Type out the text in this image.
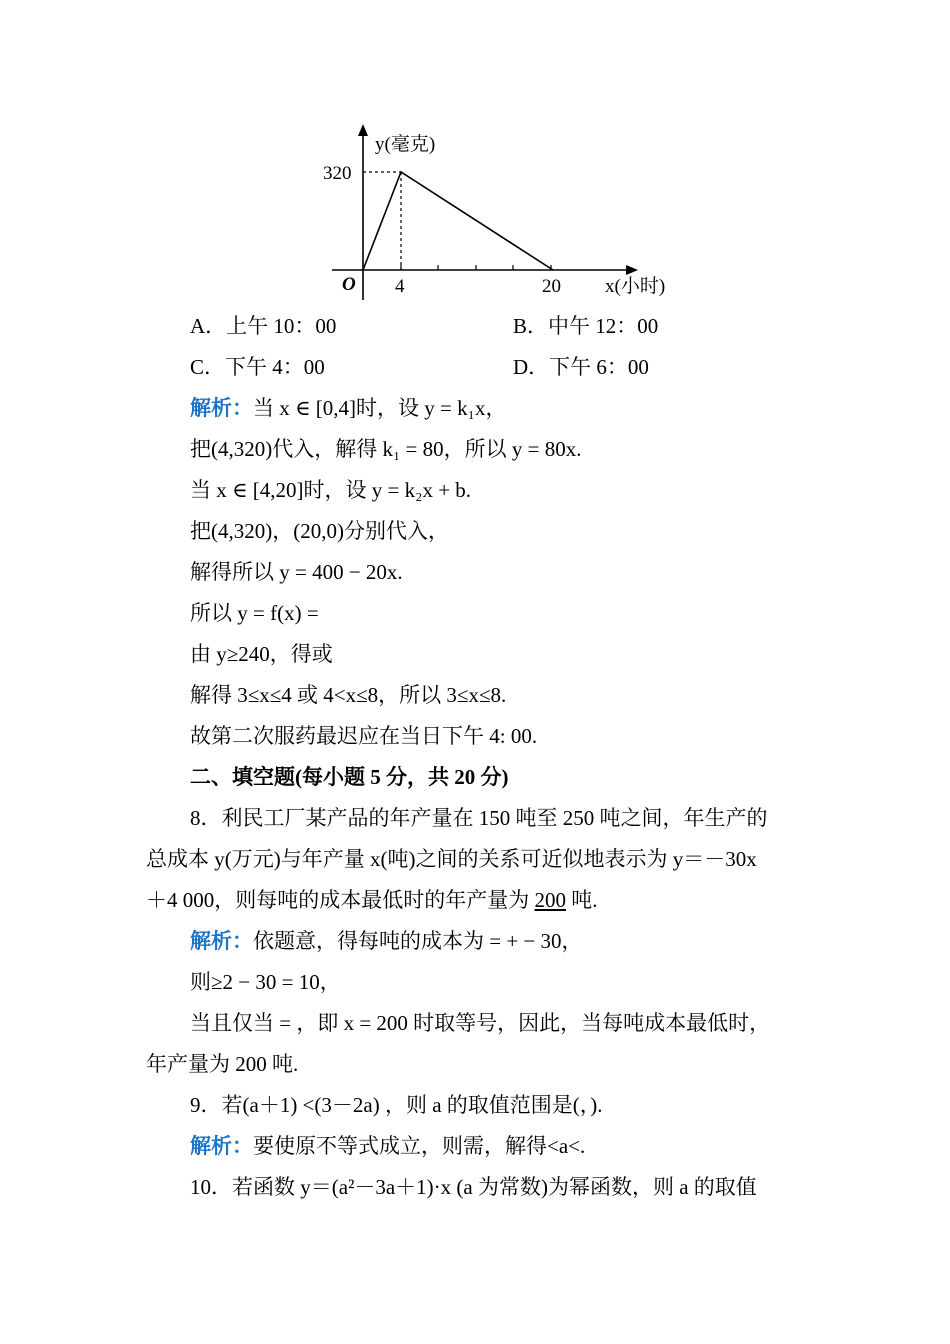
y(毫克)
320
O 4	20 x(小时)
A．上午 10：00	B．中午 12：00
C．下午 4：00	D．下午 6：00
解析：当 x ∈ [0,4]时，设 y = k₁x，
把(4,320)代入，解得 k₁ = 80，所以 y = 80x.
当 x ∈ [4,20]时，设 y = k₂x + b.
把(4,320)，(20,0)分别代入，
解得所以 y = 400 − 20x.
所以 y = f(x) =
由 y≥240，得或
解得 3≤x≤4 或 4<x≤8，所以 3≤x≤8.
故第二次服药最迟应在当日下午 4: 00.
二、填空题(每小题 5 分，共 20 分)
8．利民工厂某产品的年产量在 150 吨至 250 吨之间，年生产的
总成本 y(万元)与年产量 x(吨)之间的关系可近似地表示为 y＝－30x
＋4 000，则每吨的成本最低时的年产量为 200 吨.
解析：依题意，得每吨的成本为 = + − 30，
则≥2 − 30 = 10，
当且仅当 = ，即 x = 200 时取等号，因此，当每吨成本最低时，
年产量为 200 吨.
9．若(a＋1) <(3－2a) ，则 a 的取值范围是(，).
解析：要使原不等式成立，则需，解得<a<.
10．若函数 y＝(a²－3a＋1)·x (a 为常数)为幂函数，则 a 的取值
